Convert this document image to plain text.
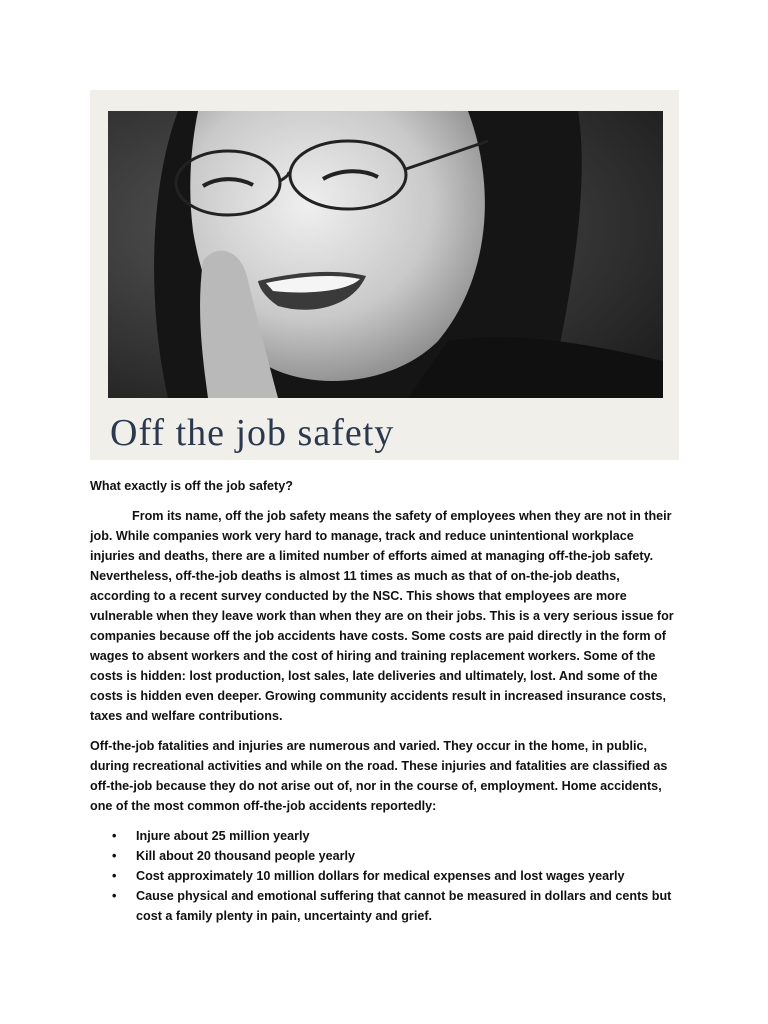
Off the job safety

What exactly is off the job safety?

From its name, off the job safety means the safety of employees when they are not in their job. While companies work very hard to manage, track and reduce unintentional workplace injuries and deaths, there are a limited number of efforts aimed at managing off-the-job safety. Nevertheless, off-the-job deaths is almost 11 times as much as that of on-the-job deaths, according to a recent survey conducted by the NSC. This shows that employees are more vulnerable when they leave work than when they are on their jobs. This is a very serious issue for companies because off the job accidents have costs. Some costs are paid directly in the form of wages to absent workers and the cost of hiring and training replacement workers. Some of the costs is hidden: lost production, lost sales, late deliveries and ultimately, lost. And some of the costs is hidden even deeper. Growing community accidents result in increased insurance costs, taxes and welfare contributions.

Off-the-job fatalities and injuries are numerous and varied. They occur in the home, in public, during recreational activities and while on the road. These injuries and fatalities are classified as off-the-job because they do not arise out of, nor in the course of, employment. Home accidents, one of the most common off-the-job accidents reportedly:

• Injure about 25 million yearly
• Kill about 20 thousand people yearly
• Cost approximately 10 million dollars for medical expenses and lost wages yearly
• Cause physical and emotional suffering that cannot be measured in dollars and cents but cost a family plenty in pain, uncertainty and grief.
